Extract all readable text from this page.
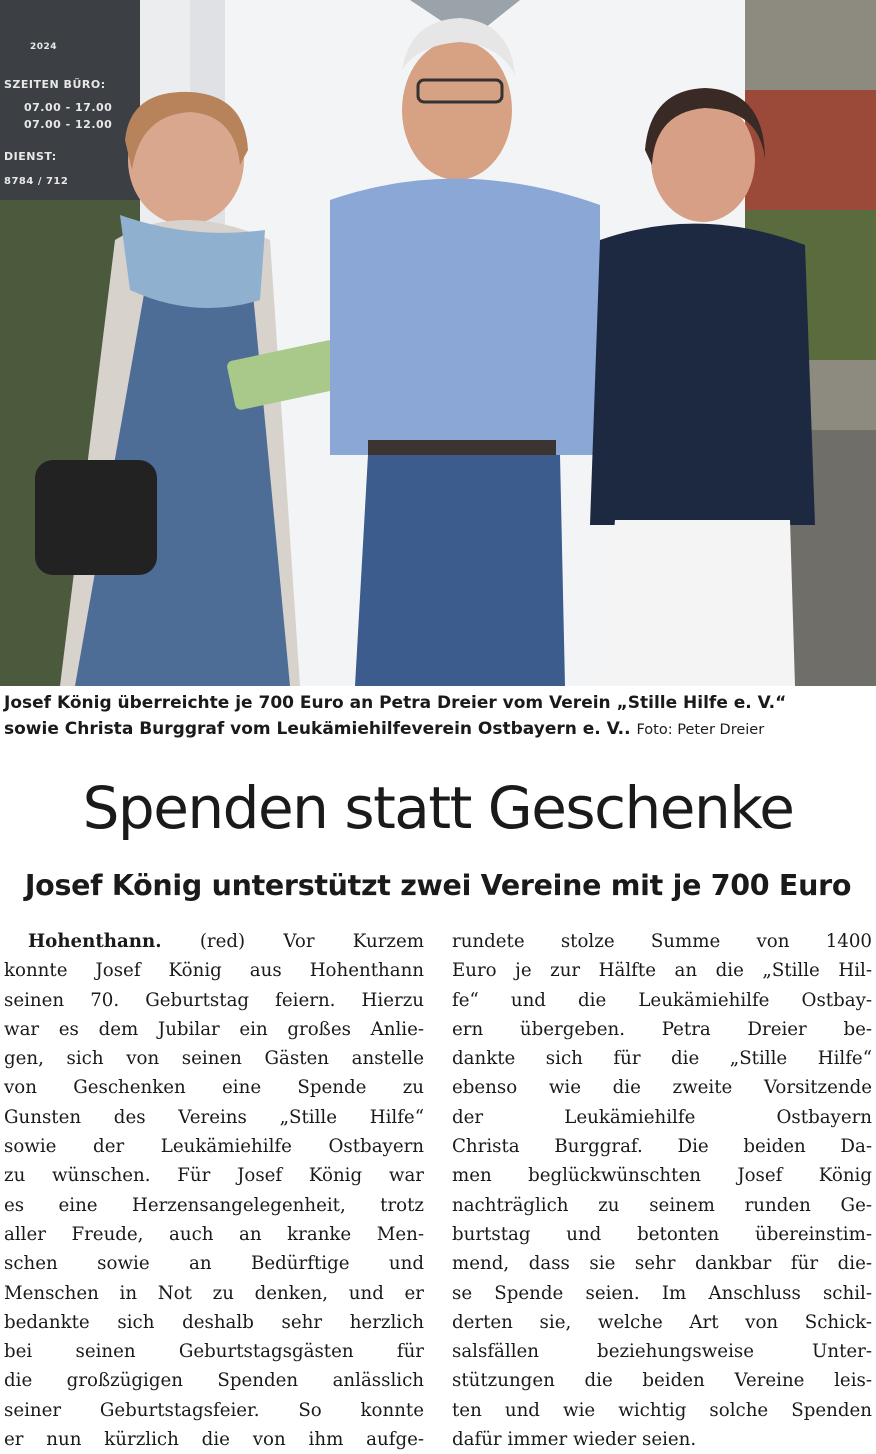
2024
SZEITEN BÜRO:
07.00 - 17.00
07.00 - 12.00
DIENST:
8784 / 712
Josef König überreichte je 700 Euro an Petra Dreier vom Verein „Stille Hilfe e. V.“
sowie Christa Burggraf vom Leukämiehilfeverein Ostbayern e. V.. Foto: Peter Dreier
Spenden statt Geschenke
Josef König unterstützt zwei Vereine mit je 700 Euro
Hohenthann. (red) Vor Kurzem
konnte Josef König aus Hohenthann
seinen 70. Geburtstag feiern. Hierzu
war es dem Jubilar ein großes Anlie-
gen, sich von seinen Gästen anstelle
von Geschenken eine Spende zu
Gunsten des Vereins „Stille Hilfe“
sowie der Leukämiehilfe Ostbayern
zu wünschen. Für Josef König war
es eine Herzensangelegenheit, trotz
aller Freude, auch an kranke Men-
schen sowie an Bedürftige und
Menschen in Not zu denken, und er
bedankte sich deshalb sehr herzlich
bei seinen Geburtstagsgästen für
die großzügigen Spenden anlässlich
seiner Geburtstagsfeier. So konnte
er nun kürzlich die von ihm aufge-
rundete stolze Summe von 1400
Euro je zur Hälfte an die „Stille Hil-
fe“ und die Leukämiehilfe Ostbay-
ern übergeben. Petra Dreier be-
dankte sich für die „Stille Hilfe“
ebenso wie die zweite Vorsitzende
der Leukämiehilfe Ostbayern
Christa Burggraf. Die beiden Da-
men beglückwünschten Josef König
nachträglich zu seinem runden Ge-
burtstag und betonten übereinstim-
mend, dass sie sehr dankbar für die-
se Spende seien. Im Anschluss schil-
derten sie, welche Art von Schick-
salsfällen beziehungsweise Unter-
stützungen die beiden Vereine leis-
ten und wie wichtig solche Spenden
dafür immer wieder seien.
